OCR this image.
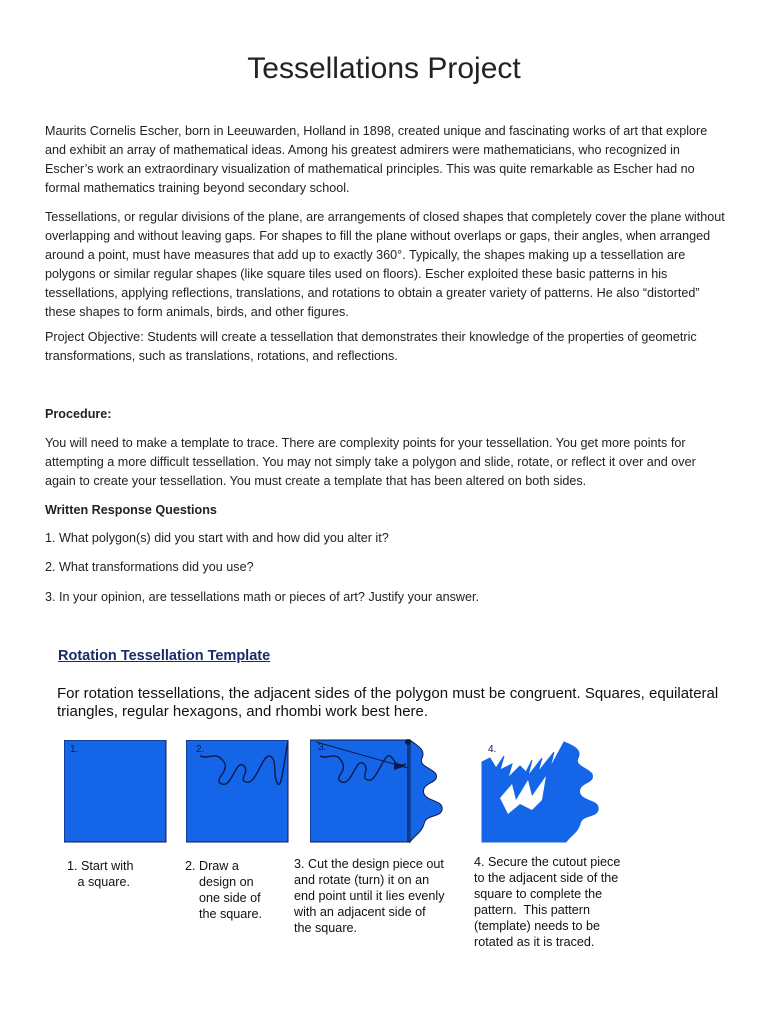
Tessellations Project

Maurits Cornelis Escher, born in Leeuwarden, Holland in 1898, created unique and fascinating works of art that explore and exhibit an array of mathematical ideas. Among his greatest admirers were mathematicians, who recognized in Escher’s work an extraordinary visualization of mathematical principles. This was quite remarkable as Escher had no formal mathematics training beyond secondary school.

Tessellations, or regular divisions of the plane, are arrangements of closed shapes that completely cover the plane without overlapping and without leaving gaps. For shapes to fill the plane without overlaps or gaps, their angles, when arranged around a point, must have measures that add up to exactly 360°. Typically, the shapes making up a tessellation are polygons or similar regular shapes (like square tiles used on floors). Escher exploited these basic patterns in his tessellations, applying reflections, translations, and rotations to obtain a greater variety of patterns. He also “distorted” these shapes to form animals, birds, and other figures.

Project Objective: Students will create a tessellation that demonstrates their knowledge of the properties of geometric transformations, such as translations, rotations, and reflections.

Procedure:

You will need to make a template to trace. There are complexity points for your tessellation. You get more points for attempting a more difficult tessellation. You may not simply take a polygon and slide, rotate, or reflect it over and over again to create your tessellation. You must create a template that has been altered on both sides.

Written Response Questions
1. What polygon(s) did you start with and how did you alter it?
2. What transformations did you use?
3. In your opinion, are tessellations math or pieces of art? Justify your answer.
Rotation Tessellation Template
For rotation tessellations, the adjacent sides of the polygon must be congruent. Squares, equilateral triangles, regular hexagons, and rhombi work best here.
1.	2.	3.	4.
1. Start with
a square.
2. Draw a
design on
one side of
the square.
3. Cut the design piece out
and rotate (turn) it on an
end point until it lies evenly
with an adjacent side of
the square.
4. Secure the cutout piece
to the adjacent side of the
square to complete the
pattern.  This pattern
(template) needs to be
rotated as it is traced.
